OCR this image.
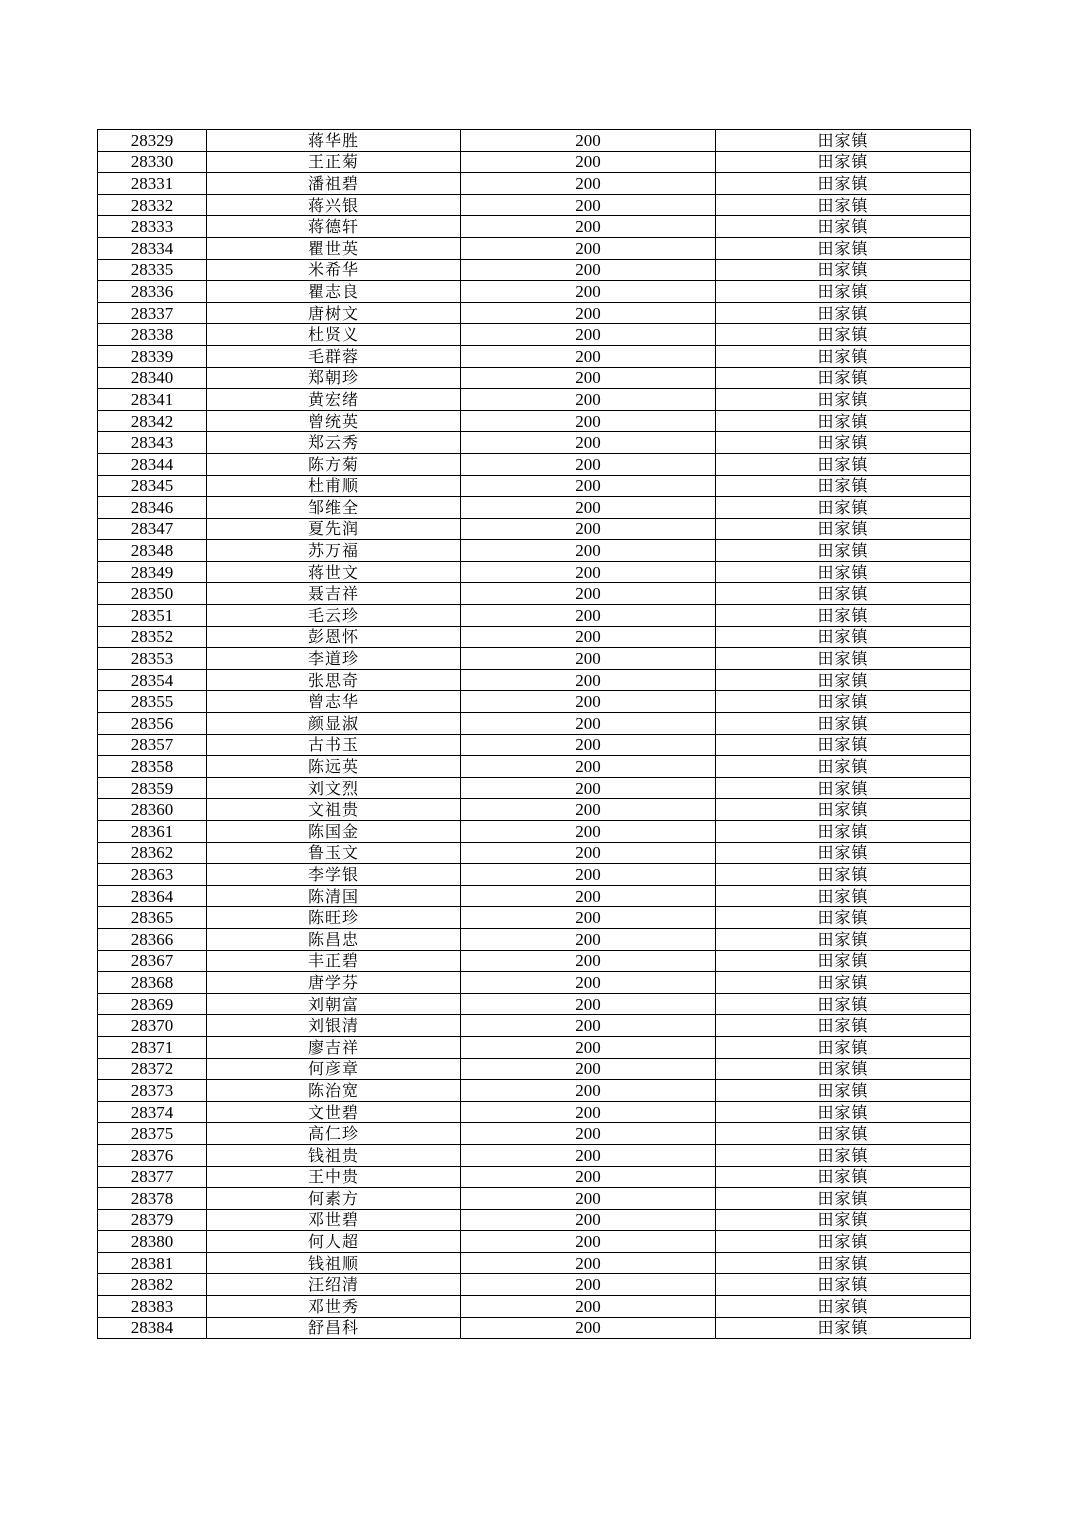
28329	蒋华胜	200	田家镇
28330	王正菊	200	田家镇
28331	潘祖碧	200	田家镇
28332	蒋兴银	200	田家镇
28333	蒋德轩	200	田家镇
28334	瞿世英	200	田家镇
28335	米希华	200	田家镇
28336	瞿志良	200	田家镇
28337	唐树文	200	田家镇
28338	杜贤义	200	田家镇
28339	毛群蓉	200	田家镇
28340	郑朝珍	200	田家镇
28341	黄宏绪	200	田家镇
28342	曾统英	200	田家镇
28343	郑云秀	200	田家镇
28344	陈方菊	200	田家镇
28345	杜甫顺	200	田家镇
28346	邹维全	200	田家镇
28347	夏先润	200	田家镇
28348	苏万福	200	田家镇
28349	蒋世文	200	田家镇
28350	聂吉祥	200	田家镇
28351	毛云珍	200	田家镇
28352	彭恩怀	200	田家镇
28353	李道珍	200	田家镇
28354	张思奇	200	田家镇
28355	曾志华	200	田家镇
28356	颜显淑	200	田家镇
28357	古书玉	200	田家镇
28358	陈远英	200	田家镇
28359	刘文烈	200	田家镇
28360	文祖贵	200	田家镇
28361	陈国金	200	田家镇
28362	鲁玉文	200	田家镇
28363	李学银	200	田家镇
28364	陈清国	200	田家镇
28365	陈旺珍	200	田家镇
28366	陈昌忠	200	田家镇
28367	丰正碧	200	田家镇
28368	唐学芬	200	田家镇
28369	刘朝富	200	田家镇
28370	刘银清	200	田家镇
28371	廖吉祥	200	田家镇
28372	何彦章	200	田家镇
28373	陈治宽	200	田家镇
28374	文世碧	200	田家镇
28375	高仁珍	200	田家镇
28376	钱祖贵	200	田家镇
28377	王中贵	200	田家镇
28378	何素方	200	田家镇
28379	邓世碧	200	田家镇
28380	何人超	200	田家镇
28381	钱祖顺	200	田家镇
28382	汪绍清	200	田家镇
28383	邓世秀	200	田家镇
28384	舒昌科	200	田家镇
